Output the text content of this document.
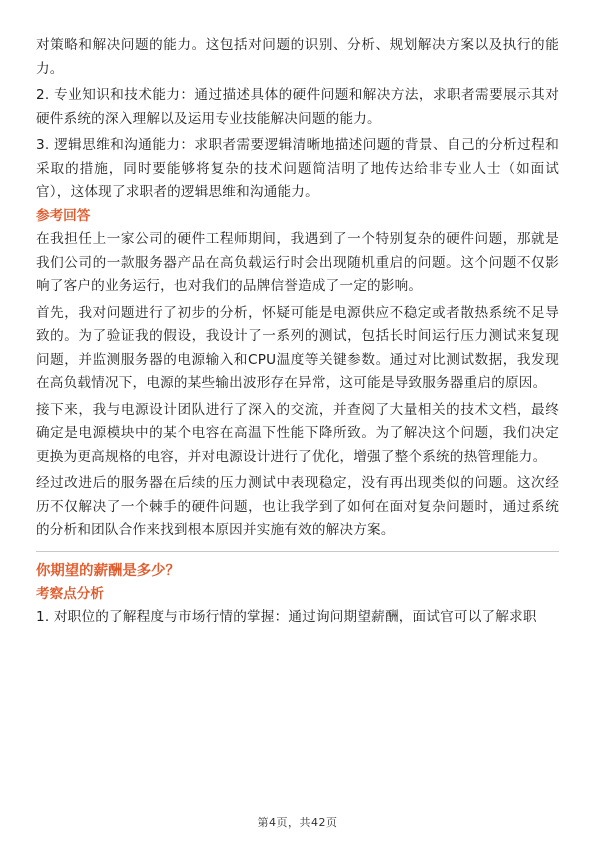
对策略和解决问题的能力。这包括对问题的识别、分析、规划解决方案以及执行的能力。

2. 专业知识和技术能力：通过描述具体的硬件问题和解决方法，求职者需要展示其对硬件系统的深入理解以及运用专业技能解决问题的能力。

3. 逻辑思维和沟通能力：求职者需要逻辑清晰地描述问题的背景、自己的分析过程和采取的措施，同时要能够将复杂的技术问题简洁明了地传达给非专业人士（如面试官），这体现了求职者的逻辑思维和沟通能力。

参考回答

在我担任上一家公司的硬件工程师期间，我遇到了一个特别复杂的硬件问题，那就是我们公司的一款服务器产品在高负载运行时会出现随机重启的问题。这个问题不仅影响了客户的业务运行，也对我们的品牌信誉造成了一定的影响。

首先，我对问题进行了初步的分析，怀疑可能是电源供应不稳定或者散热系统不足导致的。为了验证我的假设，我设计了一系列的测试，包括长时间运行压力测试来复现问题，并监测服务器的电源输入和CPU温度等关键参数。通过对比测试数据，我发现在高负载情况下，电源的某些输出波形存在异常，这可能是导致服务器重启的原因。

接下来，我与电源设计团队进行了深入的交流，并查阅了大量相关的技术文档，最终确定是电源模块中的某个电容在高温下性能下降所致。为了解决这个问题，我们决定更换为更高规格的电容，并对电源设计进行了优化，增强了整个系统的热管理能力。

经过改进后的服务器在后续的压力测试中表现稳定，没有再出现类似的问题。这次经历不仅解决了一个棘手的硬件问题，也让我学到了如何在面对复杂问题时，通过系统的分析和团队合作来找到根本原因并实施有效的解决方案。

你期望的薪酬是多少？
考察点分析

1. 对职位的了解程度与市场行情的掌握：通过询问期望薪酬，面试官可以了解求职

第4页，共42页
